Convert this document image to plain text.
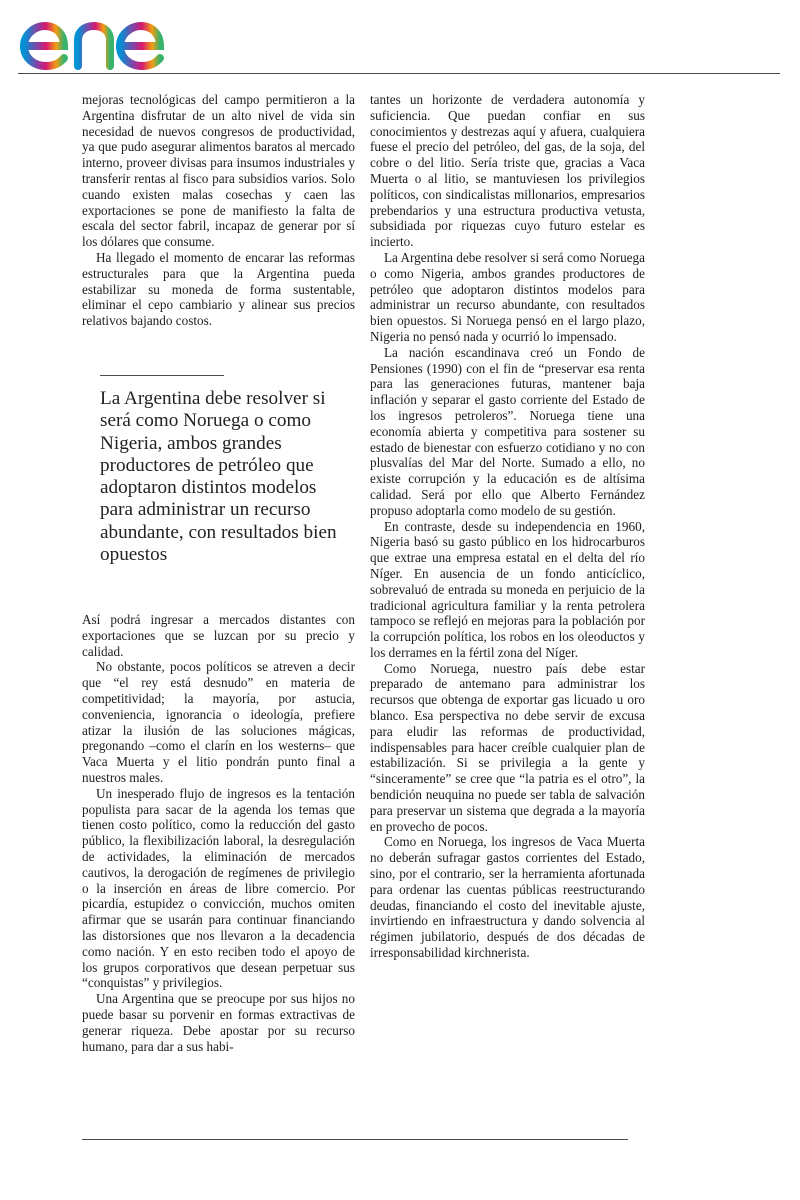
mejoras tecnológicas del campo permitieron a la Argentina disfrutar de un alto nivel de vida sin necesidad de nuevos congresos de productividad, ya que pudo asegurar alimentos baratos al mercado interno, proveer divisas para insumos industriales y transferir rentas al fisco para subsidios varios. Solo cuando existen malas cosechas y caen las exportaciones se pone de manifiesto la falta de escala del sector fabril, incapaz de generar por sí los dólares que consume.

Ha llegado el momento de encarar las reformas estructurales para que la Argentina pueda estabilizar su moneda de forma sustentable, eliminar el cepo cambiario y alinear sus precios relativos bajando costos.

La Argentina debe resolver si será como Noruega o como Nigeria, ambos grandes productores de petróleo que adoptaron distintos modelos para administrar un recurso abundante, con resultados bien opuestos

Así podrá ingresar a mercados distantes con exportaciones que se luzcan por su precio y calidad.

No obstante, pocos políticos se atreven a decir que “el rey está desnudo” en materia de competitividad; la mayoría, por astucia, conveniencia, ignorancia o ideología, prefiere atizar la ilusión de las soluciones mágicas, pregonando –como el clarín en los westerns– que Vaca Muerta y el litio pondrán punto final a nuestros males.

Un inesperado flujo de ingresos es la tentación populista para sacar de la agenda los temas que tienen costo político, como la reducción del gasto público, la flexibilización laboral, la desregulación de actividades, la eliminación de mercados cautivos, la derogación de regímenes de privilegio o la inserción en áreas de libre comercio. Por picardía, estupidez o convicción, muchos omiten afirmar que se usarán para continuar financiando las distorsiones que nos llevaron a la decadencia como nación. Y en esto reciben todo el apoyo de los grupos corporativos que desean perpetuar sus “conquistas” y privilegios.

Una Argentina que se preocupe por sus hijos no puede basar su porvenir en formas extractivas de generar riqueza. Debe apostar por su recurso humano, para dar a sus habi-

tantes un horizonte de verdadera autonomía y suficiencia. Que puedan confiar en sus conocimientos y destrezas aquí y afuera, cualquiera fuese el precio del petróleo, del gas, de la soja, del cobre o del litio. Sería triste que, gracias a Vaca Muerta o al litio, se mantuviesen los privilegios políticos, con sindicalistas millonarios, empresarios prebendarios y una estructura productiva vetusta, subsidiada por riquezas cuyo futuro estelar es incierto.

La Argentina debe resolver si será como Noruega o como Nigeria, ambos grandes productores de petróleo que adoptaron distintos modelos para administrar un recurso abundante, con resultados bien opuestos. Si Noruega pensó en el largo plazo, Nigeria no pensó nada y ocurrió lo impensado.

La nación escandinava creó un Fondo de Pensiones (1990) con el fin de “preservar esa renta para las generaciones futuras, mantener baja inflación y separar el gasto corriente del Estado de los ingresos petroleros”. Noruega tiene una economía abierta y competitiva para sostener su estado de bienestar con esfuerzo cotidiano y no con plusvalías del Mar del Norte. Sumado a ello, no existe corrupción y la educación es de altísima calidad. Será por ello que Alberto Fernández propuso adoptarla como modelo de su gestión.

En contraste, desde su independencia en 1960, Nigeria basó su gasto público en los hidrocarburos que extrae una empresa estatal en el delta del río Níger. En ausencia de un fondo anticíclico, sobrevaluó de entrada su moneda en perjuicio de la tradicional agricultura familiar y la renta petrolera tampoco se reflejó en mejoras para la población por la corrupción política, los robos en los oleoductos y los derrames en la fértil zona del Níger.

Como Noruega, nuestro país debe estar preparado de antemano para administrar los recursos que obtenga de exportar gas licuado u oro blanco. Esa perspectiva no debe servir de excusa para eludir las reformas de productividad, indispensables para hacer creíble cualquier plan de estabilización. Si se privilegia a la gente y “sinceramente” se cree que “la patria es el otro”, la bendición neuquina no puede ser tabla de salvación para preservar un sistema que degrada a la mayoría en provecho de pocos.

Como en Noruega, los ingresos de Vaca Muerta no deberán sufragar gastos corrientes del Estado, sino, por el contrario, ser la herramienta afortunada para ordenar las cuentas públicas reestructurando deudas, financiando el costo del inevitable ajuste, invirtiendo en infraestructura y dando solvencia al régimen jubilatorio, después de dos décadas de irresponsabilidad kirchnerista.
